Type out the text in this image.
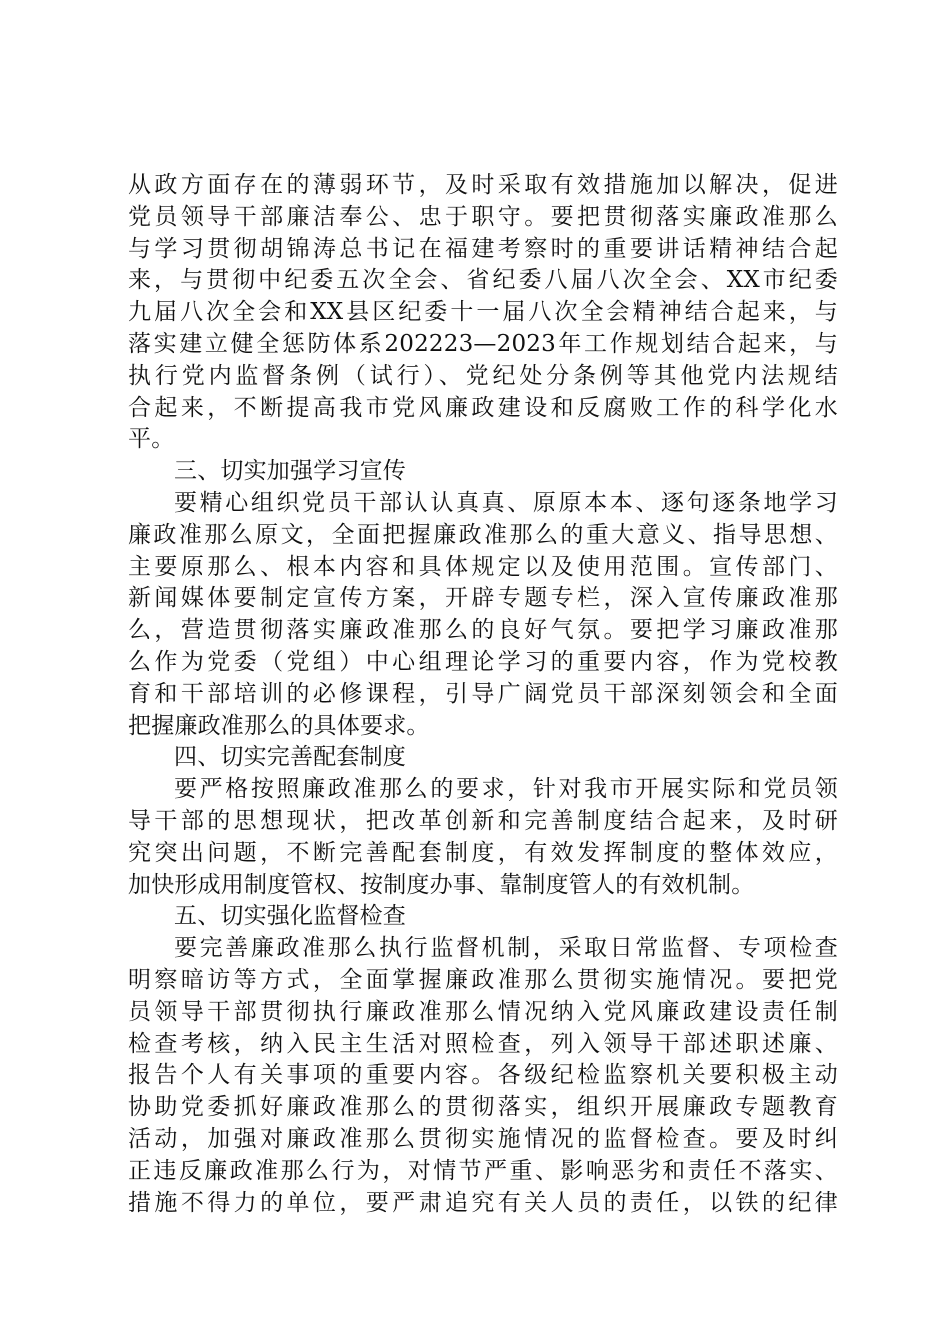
从政方面存在的薄弱环节，及时采取有效措施加以解决，促进
党员领导干部廉洁奉公、忠于职守。要把贯彻落实廉政准那么
与学习贯彻胡锦涛总书记在福建考察时的重要讲话精神结合起
来，与贯彻中纪委五次全会、省纪委八届八次全会、XX市纪委
九届八次全会和XX县区纪委十一届八次全会精神结合起来，与
落实建立健全惩防体系202223—2023年工作规划结合起来，与
执行党内监督条例（试行）、党纪处分条例等其他党内法规结
合起来，不断提高我市党风廉政建设和反腐败工作的科学化水
平。
三、切实加强学习宣传
要精心组织党员干部认认真真、原原本本、逐句逐条地学习
廉政准那么原文，全面把握廉政准那么的重大意义、指导思想、
主要原那么、根本内容和具体规定以及使用范围。宣传部门、
新闻媒体要制定宣传方案，开辟专题专栏，深入宣传廉政准那
么，营造贯彻落实廉政准那么的良好气氛。要把学习廉政准那
么作为党委（党组）中心组理论学习的重要内容，作为党校教
育和干部培训的必修课程，引导广阔党员干部深刻领会和全面
把握廉政准那么的具体要求。
四、切实完善配套制度
要严格按照廉政准那么的要求，针对我市开展实际和党员领
导干部的思想现状，把改革创新和完善制度结合起来，及时研
究突出问题，不断完善配套制度，有效发挥制度的整体效应，
加快形成用制度管权、按制度办事、靠制度管人的有效机制。
五、切实强化监督检查
要完善廉政准那么执行监督机制，采取日常监督、专项检查
明察暗访等方式，全面掌握廉政准那么贯彻实施情况。要把党
员领导干部贯彻执行廉政准那么情况纳入党风廉政建设责任制
检查考核，纳入民主生活对照检查，列入领导干部述职述廉、
报告个人有关事项的重要内容。各级纪检监察机关要积极主动
协助党委抓好廉政准那么的贯彻落实，组织开展廉政专题教育
活动，加强对廉政准那么贯彻实施情况的监督检查。要及时纠
正违反廉政准那么行为，对情节严重、影响恶劣和责任不落实、
措施不得力的单位，要严肃追究有关人员的责任，以铁的纪律
